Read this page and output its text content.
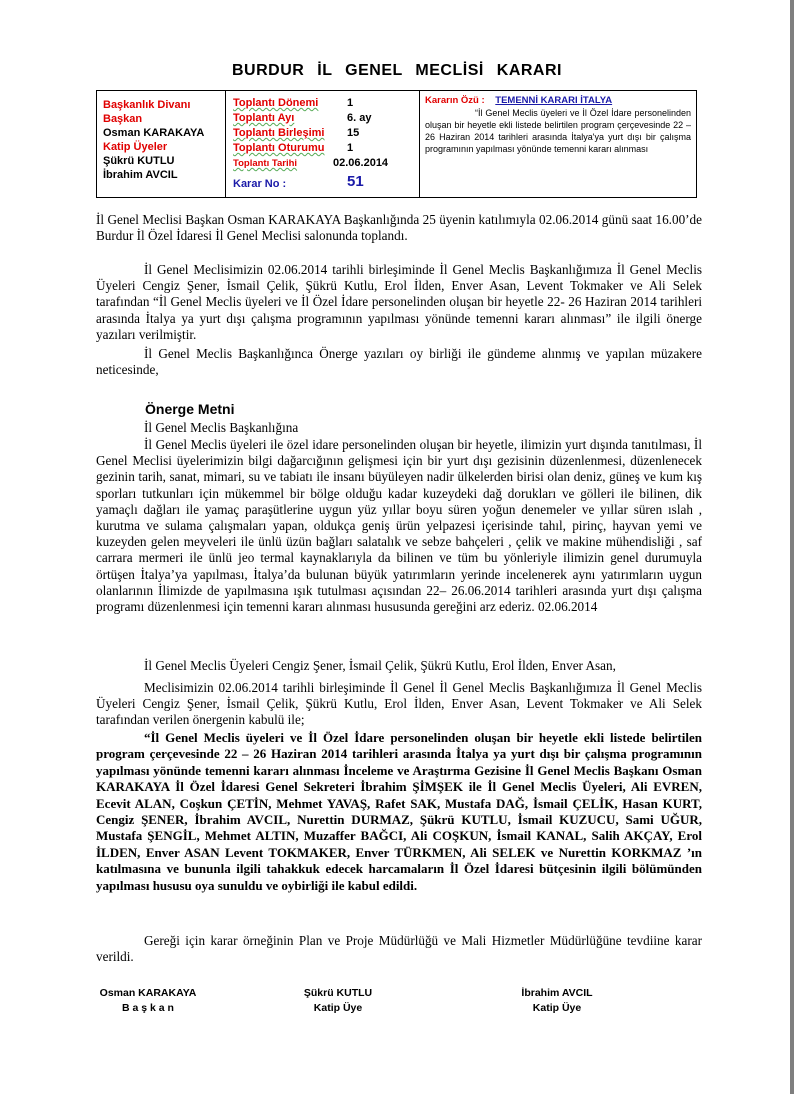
BURDUR İL GENEL MECLİSİ KARARI
Başkanlık Divanı
Başkan
Osman KARAKAYA
Katip Üyeler
Şükrü KUTLU
İbrahim AVCIL
Toplantı Dönemi	1
Toplantı Ayı	6. ay
Toplantı Birleşimi 15
Toplantı Oturumu 1
Toplantı Tarihi	02.06.2014
Karar No :	51
Kararın Özü : TEMENNİ KARARI İTALYA
“İl Genel Meclis üyeleri ve İl Özel İdare personelinden oluşan bir heyetle ekli listede belirtilen program çerçevesinde 22 – 26 Haziran 2014 tarihleri arasında İtalya'ya yurt dışı bir çalışma programının yapılması yönünde temenni kararı alınması
İl Genel Meclisi Başkan Osman KARAKAYA Başkanlığında 25 üyenin katılımıyla 02.06.2014 günü saat 16.00’de Burdur İl Özel İdaresi İl Genel Meclisi salonunda toplandı.
İl Genel Meclisimizin 02.06.2014 tarihli birleşiminde İl Genel Meclis Başkanlığımıza İl Genel Meclis Üyeleri Cengiz Şener, İsmail Çelik, Şükrü Kutlu, Erol İlden, Enver Asan, Levent Tokmaker ve Ali Selek tarafından “İl Genel Meclis üyeleri ve İl Özel İdare personelinden oluşan bir heyetle 22- 26 Haziran 2014 tarihleri arasında İtalya ya yurt dışı çalışma programının yapılması yönünde temenni kararı alınması” ile ilgili önerge yazıları verilmiştir.
İl Genel Meclis Başkanlığınca Önerge yazıları oy birliği ile gündeme alınmış ve yapılan müzakere neticesinde,
Önerge Metni
İl Genel Meclis Başkanlığına
İl Genel Meclis üyeleri ile özel idare personelinden oluşan bir heyetle, ilimizin yurt dışında tanıtılması, İl Genel Meclisi üyelerimizin bilgi dağarcığının gelişmesi için bir yurt dışı gezisinin düzenlenmesi, düzenlenecek gezinin tarih, sanat, mimari, su ve tabiatı ile insanı büyüleyen nadir ülkelerden birisi olan deniz, güneş ve kum kış sporları tutkunları için mükemmel bir bölge olduğu kadar kuzeydeki dağ dorukları ve gölleri ile bilinen, dik yamaçlı dağları ile yamaç paraşütlerine uygun yüz yıllar boyu süren yoğun denemeler ve yıllar süren ıslah , kurutma ve sulama çalışmaları yapan, oldukça geniş ürün yelpazesi içerisinde tahıl, pirinç, hayvan yemi ve kuzeyden gelen meyveleri ile ünlü üzün bağları salatalık ve sebze bahçeleri , çelik ve makine mühendisliği , saf carrara mermeri ile ünlü jeo termal kaynaklarıyla da bilinen ve tüm bu yönleriyle ilimizin genel durumuyla örtüşen İtalya’ya yapılması, İtalya’da bulunan büyük yatırımların yerinde incelenerek aynı yatırımların uygun olanlarının İlimizde de yapılmasına ışık tutulması açısından 22– 26.06.2014 tarihleri arasında yurt dışı çalışma programı düzenlenmesi için temenni kararı alınması hususunda gereğini arz ederiz. 02.06.2014
İl Genel Meclis Üyeleri Cengiz Şener, İsmail Çelik, Şükrü Kutlu, Erol İlden, Enver Asan,
Meclisimizin 02.06.2014 tarihli birleşiminde İl Genel İl Genel Meclis Başkanlığımıza İl Genel Meclis Üyeleri Cengiz Şener, İsmail Çelik, Şükrü Kutlu, Erol İlden, Enver Asan, Levent Tokmaker ve Ali Selek tarafından verilen önergenin kabulü ile;
“İl Genel Meclis üyeleri ve İl Özel İdare personelinden oluşan bir heyetle ekli listede belirtilen program çerçevesinde 22 – 26 Haziran 2014 tarihleri arasında İtalya ya yurt dışı bir çalışma programının yapılması yönünde temenni kararı alınması İnceleme ve Araştırma Gezisine İl Genel Meclis Başkanı Osman KARAKAYA İl Özel İdaresi Genel Sekreteri İbrahim ŞİMŞEK ile İl Genel Meclis Üyeleri, Ali EVREN, Ecevit ALAN, Coşkun ÇETİN, Mehmet YAVAŞ, Rafet SAK, Mustafa DAĞ, İsmail ÇELİK, Hasan KURT, Cengiz ŞENER, İbrahim AVCIL, Nurettin DURMAZ, Şükrü KUTLU, İsmail KUZUCU, Sami UĞUR, Mustafa ŞENGİL, Mehmet ALTIN, Muzaffer BAĞCI, Ali COŞKUN, İsmail KANAL, Salih AKÇAY, Erol İLDEN, Enver ASAN Levent TOKMAKER, Enver TÜRKMEN, Ali SELEK ve Nurettin KORKMAZ ’ın katılmasına ve bununla ilgili tahakkuk edecek harcamaların İl Özel İdaresi bütçesinin ilgili bölümünden yapılması hususu oya sunuldu ve oybirliği ile kabul edildi.
Gereği için karar örneğinin Plan ve Proje Müdürlüğü ve Mali Hizmetler Müdürlüğüne tevdiine karar verildi.
Osman KARAKAYA
B a ş k a n
Şükrü KUTLU
Katip Üye
İbrahim AVCIL
Katip Üye
